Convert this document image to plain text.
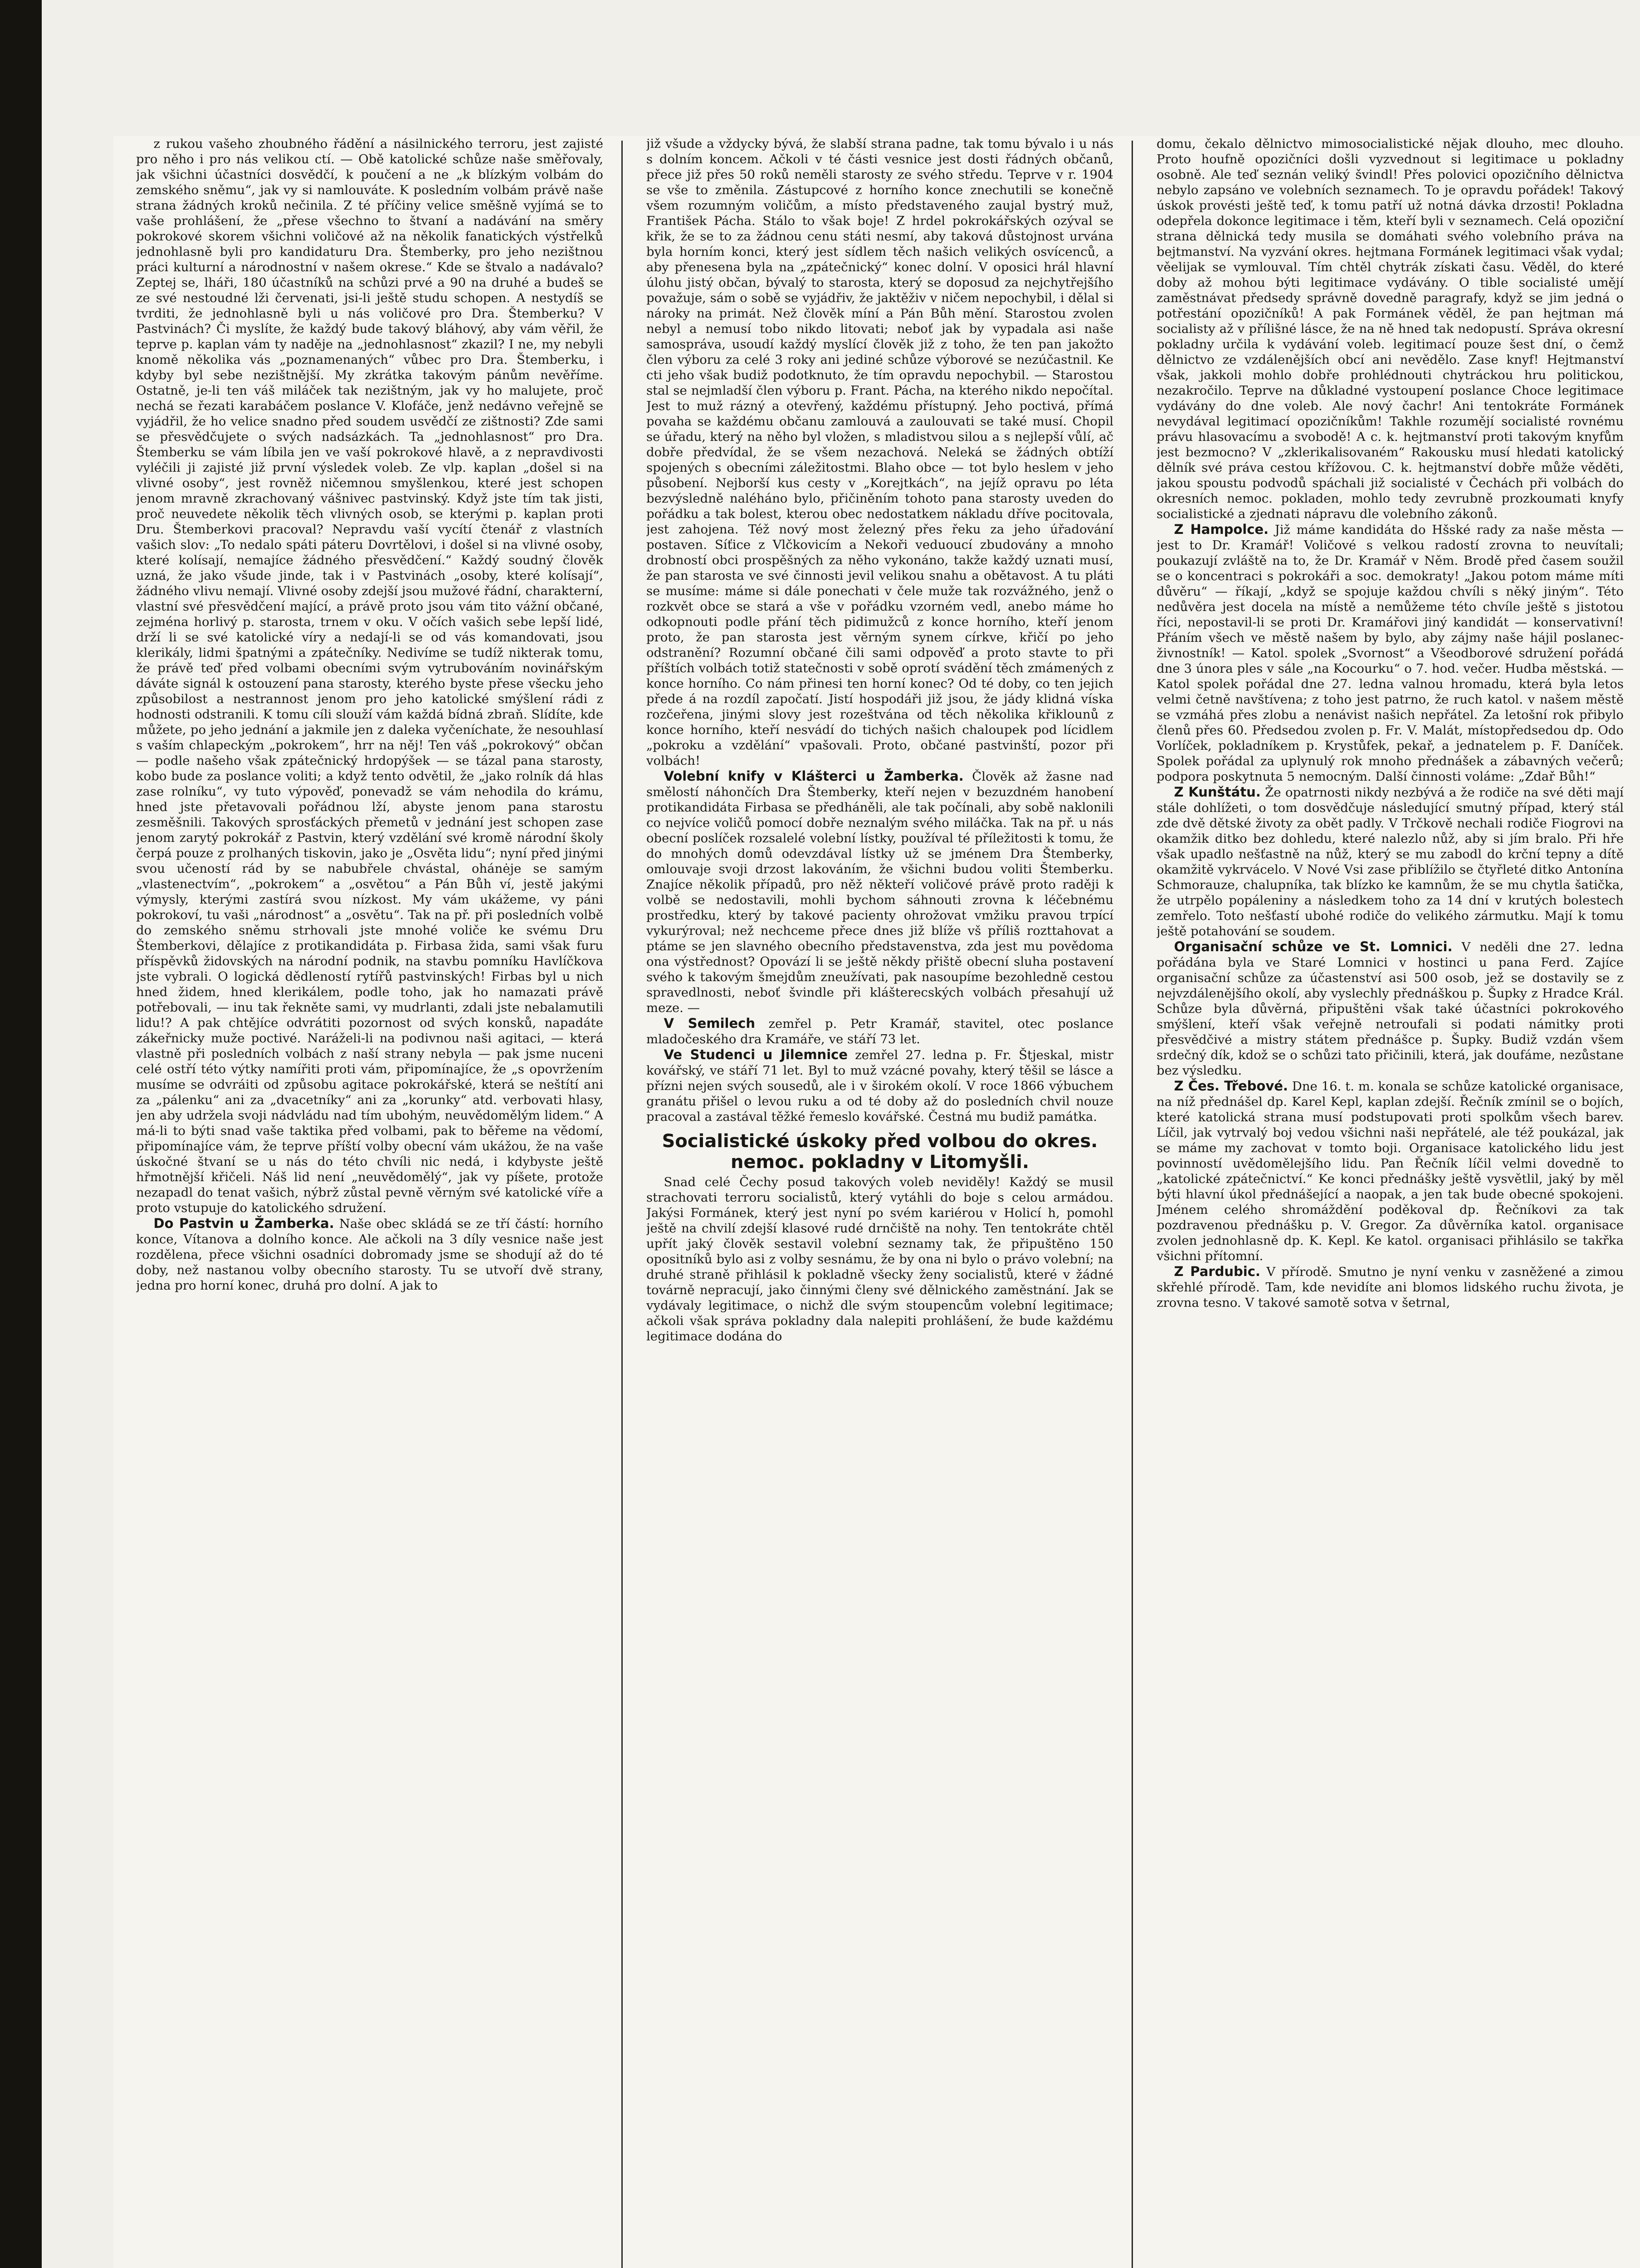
z rukou vašeho zhoubného řádění a násilnického terroru, jest zajisté pro něho i pro nás velikou ctí. — Obě katolické schůze naše směřovaly, jak všichni účastníci dosvědčí, k poučení a ne „k blízkým volbám do zemského sněmu“, jak vy si namlouváte. K posledním volbám právě naše strana žádných kroků nečinila. Z té příčiny velice směšně vyjímá se to vaše prohlášení, že „přese všechno to štvaní a nadávání na směry pokrokové skorem všichni voličové až na několik fanatických výstřelků jednohlasně byli pro kandidaturu Dra. Štemberky, pro jeho nezištnou práci kulturní a národnostní v našem okrese.“ Kde se štvalo a nadávalo? Zeptej se, lháři, 180 účastníků na schůzi prvé a 90 na druhé a budeš se ze své nestoudné lži červenati, jsi-li ještě studu schopen. A nestydíš se tvrditi, že jednohlasně byli u nás voličové pro Dra. Štemberku? V Pastvinách? Či myslíte, že každý bude takový bláhový, aby vám věřil, že teprve p. kaplan vám ty naděje na „jednohlasnost“ zkazil? I ne, my nebyli knomě několika vás „poznamenaných“ vůbec pro Dra. Štemberku, i kdyby byl sebe nezištnější. My zkrátka takovým pánům nevěříme. Ostatně, je-li ten váš miláček tak nezištným, jak vy ho malujete, proč nechá se řezati karabáčem poslance V. Klofáče, jenž nedávno veřejně se vyjádřil, že ho velice snadno před soudem usvědčí ze zištnosti? Zde sami se přesvědčujete o svých nadsázkách. Ta „jednohlasnost“ pro Dra. Štemberku se vám líbila jen ve vaší pokrokové hlavě, a z nepravdivosti vyléčili ji zajisté již první výsledek voleb. Ze vlp. kaplan „došel si na vlivné osoby“, jest rovněž ničemnou smyšlenkou, které jest schopen jenom mravně zkrachovaný vášnivec pastvinský. Když jste tím tak jisti, proč neuvedete několik těch vlivných osob, se kterými p. kaplan proti Dru. Štemberkovi pracoval? Nepravdu vaší vycítí čtenář z vlastních vašich slov: „To nedalo spáti páteru Dovrtělovi, i došel si na vlivné osoby, které kolísají, nemajíce žádného přesvědčení.“ Každý soudný člověk uzná, že jako všude jinde, tak i v Pastvinách „osoby, které kolísají“, žádného vlivu nemají. Vlivné osoby zdejší jsou mužové řádní, charakterní, vlastní své přesvědčení mající, a právě proto jsou vám tito vážní občané, zejména horlivý p. starosta, trnem v oku. V očích vašich sebe lepší lidé, drží li se své katolické víry a nedají-li se od vás komandovati, jsou klerikály, lidmi špatnými a zpátečníky. Nedivíme se tudíž nikterak tomu, že právě teď před volbami obecními svým vytrubováním novinářským dáváte signál k ostouzení pana starosty, kterého byste přese všecku jeho způsobilost a nestrannost jenom pro jeho katolické smýšlení rádi z hodnosti odstranili. K tomu cíli slouží vám každá bídná zbraň. Slídíte, kde můžete, po jeho jednání a jakmile jen z daleka vyčeníchate, že nesouhlasí s vaším chlapeckým „pokrokem“, hrr na něj! Ten váš „pokrokový“ občan — podle našeho však zpátečnický hrdopýšek — se tázal pana starosty, kobo bude za poslance voliti; a když tento odvětil, že „jako rolník dá hlas zase rolníku“, vy tuto výpověď, ponevadž se vám nehodila do krámu, hned jste přetavovali pořádnou lží, abyste jenom pana starostu zesměšnili. Takových sprosťáckých přemetů v jednání jest schopen zase jenom zarytý pokrokář z Pastvin, který vzdělání své kromě národní školy čerpá pouze z prolhaných tiskovin, jako je „Osvěta lidu“; nyní před jinými svou učeností rád by se nabubřele chvástal, ohánėje se samým „vlastenectvím“, „pokrokem“ a „osvětou“ a Pán Bůh ví, jestě jakými výmysly, kterými zastírá svou nízkost. My vám ukážeme, vy páni pokrokoví, tu vaši „národnost“ a „osvětu“. Tak na př. při posledních volbě do zemského sněmu strhovali jste mnohé voliče ke svému Dru Štemberkovi, dělajíce z protikandidáta p. Firbasa žida, sami však furu příspěvků židovských na národní podnik, na stavbu pomníku Havlíčkova jste vybrali. O logická dědleností rytířů pastvinských! Firbas byl u nich hned židem, hned klerikálem, podle toho, jak ho namazati právě potřebovali, — inu tak řekněte sami, vy mudrlanti, zdali jste nebalamutili lidu!? A pak chtějíce odvrátiti pozornost od svých konsků, napadáte zákeřnicky muže poctivé. Naráželi-li na podivnou naši agitaci, — která vlastně při posledních volbách z naší strany nebyla — pak jsme nuceni celé ostří této výtky namířiti proti vám, připomínajíce, že „s opovržením musíme se odvráiti od způsobu agitace pokrokářské, která se neštítí ani za „pálenku“ ani za „dvacetníky“ ani za „korunky“ atd. verbovati hlasy, jen aby udržela svoji nádvládu nad tím ubohým, neuvědomělým lidem.“ A má-li to býti snad vaše taktika před volbami, pak to běřeme na vědomí, připomínajíce vám, že teprve příští volby obecní vám ukážou, že na vaše úskočné štvaní se u nás do této chvíli nic nedá, i kdybyste ještě hřmotnější křičeli. Náš lid není „neuvědomělý“, jak vy píšete, protože nezapadl do tenat vašich, nýbrž zůstal pevně věrným své katolické víře a proto vstupuje do katolického sdružení.

Do Pastvin u Žamberka. Naše obec skládá se ze tří částí: horního konce, Vítanova a dolního konce. Ale ačkoli na 3 díly vesnice naše jest rozdělena, přece všichni osadníci dobromady jsme se shodují až do té doby, než nastanou volby obecního starosty. Tu se utvoří dvě strany, jedna pro horní konec, druhá pro dolní. A jak to

již všude a vždycky bývá, že slabší strana padne, tak tomu bývalo i u nás s dolním koncem. Ačkoli v té části vesnice jest dosti řádných občanů, přece již přes 50 roků neměli starosty ze svého středu. Teprve v r. 1904 se vše to změnila. Zástupcové z horního konce znechutili se konečně všem rozumným voličům, a místo představeného zaujal bystrý muž, František Pácha. Stálo to však boje! Z hrdel pokrokářských ozýval se křik, že se to za žádnou cenu státi nesmí, aby taková důstojnost urvána byla horním konci, který jest sídlem těch našich velikých osvícenců, a aby přenesena byla na „zpátečnický“ konec dolní. V oposici hrál hlavní úlohu jistý občan, bývalý to starosta, který se doposud za nejchytřejšího považuje, sám o sobě se vyjádřiv, že jaktěživ v ničem nepochybil, i dělal si nároky na primát. Než člověk míní a Pán Bůh mění. Starostou zvolen nebyl a nemusí tobo nikdo litovati; neboť jak by vypadala asi naše samospráva, usoudí každý myslící člověk již z toho, že ten pan jakožto člen výboru za celé 3 roky ani jediné schůze výborové se nezúčastnil. Ke cti jeho však budiž podotknuto, že tím opravdu nepochybil. — Starostou stal se nejmladší člen výboru p. Frant. Pácha, na kterého nikdo nepočítal. Jest to muž rázný a otevřený, každému přístupný. Jeho poctivá, přímá povaha se každému občanu zamlouvá a zaulouvati se také musí. Chopil se úřadu, který na něho byl vložen, s mladistvou silou a s nejlepší vůlí, ač dobře předvídal, že se všem nezachová. Neleká se žádných obtíží spojených s obecními záležitostmi. Blaho obce — tot bylo heslem v jeho působení. Nejborší kus cesty v „Korejtkách“, na jejíž opravu po léta bezvýsledně naléháno bylo, přičiněním tohoto pana starosty uveden do pořádku a tak bolest, kterou obec nedostatkem nákladu dříve pocitovala, jest zahojena. Též nový most železný přes řeku za jeho úřadování postaven. Síťice z Vlčkovicím a Nekoři veduoucí zbudovány a mnoho drobností obci prospěšných za něho vykonáno, takže každý uznati musí, že pan starosta ve své činnosti jevil velikou snahu a obětavost. A tu pláti se musíme: máme si dále ponechati v čele muže tak rozvážného, jenž o rozkvět obce se stará a vše v pořádku vzorném vedl, anebo máme ho odkopnouti podle přání těch pidimužců z konce horního, kteří jenom proto, že pan starosta jest věrným synem církve, křičí po jeho odstranění? Rozumní občané čili sami odpověď a proto stavte to při příštích volbách totiž statečnosti v sobě oprotí svádění těch zmámených z konce horního. Co nám přinesi ten horní konec? Od té doby, co ten jejich přede á na rozdíl započatí. Jistí hospodáři již jsou, že jády klidná víska rozčeřena, jinými slovy jest rozeštvána od těch několika křiklounů z konce horního, kteří nesvádí do tichých našich chaloupek pod lícidlem „pokroku a vzdělání“ vpašovali. Proto, občané pastvinští, pozor při volbách!

Volební knify v Klášterci u Žamberka. Člověk až žasne nad smělostí náhončích Dra Štemberky, kteří nejen v bezuzdném hanobení protikandidáta Firbasa se předháněli, ale tak počínali, aby sobě naklonili co nejvíce voličů pomocí dobře neznalým svého miláčka. Tak na př. u nás obecní poslíček rozsalelé volební lístky, používal té příležitosti k tomu, že do mnohých domů odevzdával lístky už se jménem Dra Štemberky, omlouvaje svoji drzost lakováním, že všichni budou voliti Štemberku. Znajíce několik případů, pro něž někteří voličové právě proto raději k volbě se nedostavili, mohli bychom sáhnouti zrovna k léčebnému prostředku, který by takové pacienty ohrožovat vmžiku pravou trpící vykurýroval; než nechceme přece dnes již blíže vš příliš rozttahovat a ptáme se jen slavného obecního představenstva, zda jest mu povědoma ona výstřednost? Opovází li se ještě někdy přiště obecní sluha postavení svého k takovým šmejdům zneužívati, pak nasoupíme bezohledně cestou spravedlnosti, neboť švindle při klášterecských volbách přesahují už meze. —

V Semilech zemřel p. Petr Kramář, stavitel, otec poslance mladočeského dra Kramáře, ve stáří 73 let.

Ve Studenci u Jilemnice zemřel 27. ledna p. Fr. Štjeskal, mistr kovářský, ve stáří 71 let. Byl to muž vzácné povahy, který těšil se lásce a přízni nejen svých sousedů, ale i v širokém okolí. V roce 1866 výbuchem granátu přišel o levou ruku a od té doby až do posledních chvil nouze pracoval a zastával těžké řemeslo kovářské. Čestná mu budiž památka.

Socialistické úskoky před volbou do okres. nemoc. pokladny v Litomyšli.

Snad celé Čechy posud takových voleb neviděly! Každý se musil strachovati terroru socialistů, který vytáhli do boje s celou armádou. Jakýsi Formánek, který jest nyní po svém kariérou v Holicí h, pomohl ještě na chvilí zdejší klasové rudé drnčiště na nohy. Ten tentokráte chtěl upřít jaký člověk sestavil volební seznamy tak, že připuštěno 150 opositníků bylo asi z volby sesnámu, že by ona ni bylo o právo volební; na druhé straně přihlásil k pokladně všecky ženy socialistů, které v žádné továrně nepracují, jako činnými členy své dělnického zaměstnání. Jak se vydávaly legitimace, o nichž dle svým stoupencům volební legitimace; ačkoli však správa pokladny dala nalepiti prohlášení, že bude každému legitimace dodána do

domu, čekalo dělnictvo mimosocialistické nějak dlouho, mec dlouho. Proto houfně opozičníci došli vyzvednout si legitimace u pokladny osobně. Ale teď seznán veliký švindl! Přes polovici opozičního dělnictva nebylo zapsáno ve volebních seznamech. To je opravdu pořádek! Takový úskok provésti ještě teď, k tomu patří už notná dávka drzosti! Pokladna odepřela dokonce legitimace i těm, kteří byli v seznamech. Celá opoziční strana dělnická tedy musila se domáhati svého volebního práva na bejtmanství. Na vyzvání okres. hejtmana Formánek legitimaci však vydal; věelijak se vymlouval. Tím chtěl chytrák získati času. Věděl, do které doby až mohou býti legitimace vydávány. O tible socialisté umějí zaměstnávat předsedy správně dovedně paragrafy, když se jim jedná o potřestání opozičníků! A pak Formánek věděl, že pan hejtman má socialisty až v přílišné lásce, že na ně hned tak nedopustí. Správa okresní pokladny určila k vydávání voleb. legitimací pouze šest dní, o čemž dělnictvo ze vzdálenějších obcí ani nevědělo. Zase knyf! Hejtmanství však, jakkoli mohlo dobře prohlédnouti chytráckou hru politickou, nezakročilo. Teprve na důkladné vystoupení poslance Choce legitimace vydávány do dne voleb. Ale nový čachr! Ani tentokráte Formánek nevydával legitimací opozičníkům! Takhle rozumějí socialisté rovnému právu hlasovacímu a svobodě! A c. k. hejtmanství proti takovým knyfům jest bezmocno? V „zklerikalisovaném“ Rakousku musí hledati katolický dělník své práva cestou křížovou. C. k. hejtmanství dobře může věděti, jakou spoustu podvodů spáchali již socialisté v Čechách při volbách do okresních nemoc. pokladen, mohlo tedy zevrubně prozkoumati knyfy socialistické a zjednati nápravu dle volebního zákonů.

Z Hampolce. Již máme kandidáta do Hšské rady za naše města — jest to Dr. Kramář! Voličové s velkou radostí zrovna to neuvítali; poukazují zvláště na to, že Dr. Kramář v Něm. Brodě před časem soužil se o koncentraci s pokrokáři a soc. demokraty! „Jakou potom máme míti důvěru“ — říkají, „když se spojuje každou chvíli s něký jiným“. Této nedůvěra jest docela na místě a nemůžeme této chvíle ještě s jistotou říci, nepostavil-li se proti Dr. Kramářovi jiný kandidát — konservativní! Přáním všech ve městě našem by bylo, aby zájmy naše hájil poslanec-živnostník! — Katol. spolek „Svornost“ a Všeodborové sdružení pořádá dne 3 února ples v sále „na Kocourku“ o 7. hod. večer. Hudba městská. — Katol spolek pořádal dne 27. ledna valnou hromadu, která byla letos velmi četně navštívena; z toho jest patrno, že ruch katol. v našem městě se vzmáhá přes zlobu a nenávist našich nepřátel. Za letošní rok přibylo členů přes 60. Předsedou zvolen p. Fr. V. Malát, místopředsedou dp. Odo Vorlíček, pokladníkem p. Krystůfek, pekař, a jednatelem p. F. Daníček. Spolek pořádal za uplynulý rok mnoho přednášek a zábavných večerů; podpora poskytnuta 5 nemocným. Další činnosti voláme: „Zdař Bůh!“

Z Kunštátu. Že opatrnosti nikdy nezbývá a že rodiče na své děti mají stále dohlížeti, o tom dosvědčuje následující smutný případ, který stál zde dvě dětské životy za obět padly. V Trčkově nechali rodiče Fiogrovi na okamžik ditko bez dohledu, které nalezlo nůž, aby si jím bralo. Při hře však upadlo nešťastně na nůž, který se mu zabodl do krční tepny a dítě okamžitě vykrvácelo. V Nové Vsi zase přiblížilo se čtyřleté ditko Antonína Schmorauze, chalupníka, tak blízko ke kamnům, že se mu chytla šatička, že utrpělo popáleniny a následkem toho za 14 dní v krutých bolestech zemřelo. Toto nešťastí ubohé rodiče do velikého zármutku. Mají k tomu ještě potahování se soudem.

Organisační schůze ve St. Lomnici. V neděli dne 27. ledna pořádána byla ve Staré Lomnici v hostinci u pana Ferd. Zajíce organisační schůze za účastenství asi 500 osob, jež se dostavily se z nejvzdálenějšího okolí, aby vyslechly přednáškou p. Šupky z Hradce Král. Schůze byla důvěrná, připuštěni však také účastníci pokrokového smýšlení, kteří však veřejně netroufali si podati námitky proti přesvědčivé a mistry státem přednášce p. Šupky. Budiž vzdán všem srdečný dík, kdož se o schůzi tato přičinili, která, jak doufáme, nezůstane bez výsledku.

Z Čes. Třebové. Dne 16. t. m. konala se schůze katolické organisace, na níž přednášel dp. Karel Kepl, kaplan zdejší. Řečník zmínil se o bojích, které katolická strana musí podstupovati proti spolkům všech barev. Líčil, jak vytrvalý boj vedou všichni naši nepřátelé, ale též poukázal, jak se máme my zachovat v tomto boji. Organisace katolického lidu jest povinností uvědomělejšího lidu. Pan Řečník líčil velmi dovedně to „katolické zpátečnictví.“ Ke konci přednášky ještě vysvětlil, jaký by měl býti hlavní úkol přednášející a naopak, a jen tak bude obecné spokojeni. Jménem celého shromáždění poděkoval dp. Řečníkovi za tak pozdravenou přednášku p. V. Gregor. Za důvěrníka katol. organisace zvolen jednohlasně dp. K. Kepl. Ke katol. organisaci přihlásilo se takřka všichni přítomní.

Z Pardubic. V přírodě. Smutno je nyní venku v zasněžené a zimou skřehlé přírodě. Tam, kde nevidíte ani blomos lidského ruchu života, je zrovna tesno. V takové samotě sotva v šetrnal,
